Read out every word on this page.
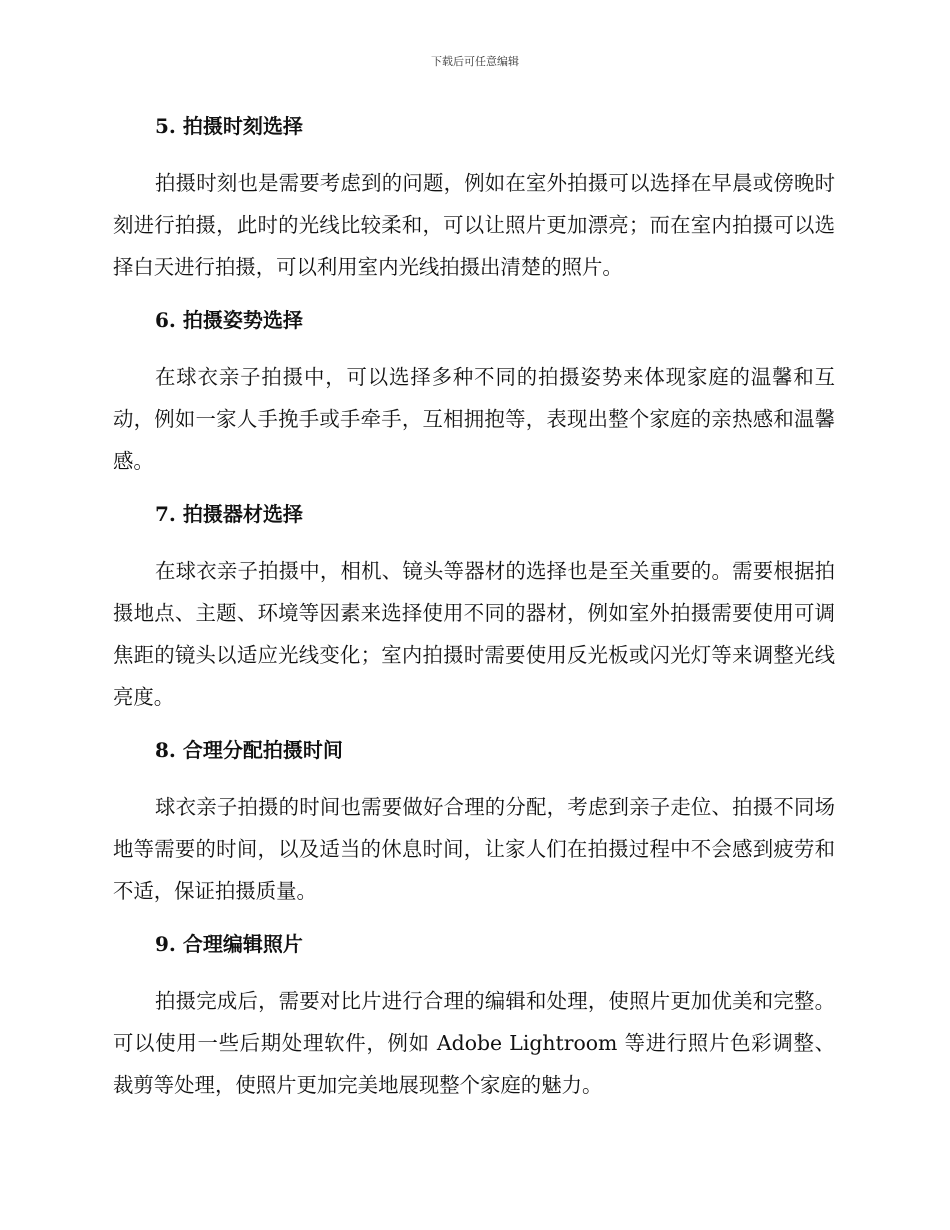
下载后可任意编辑
5. 拍摄时刻选择

拍摄时刻也是需要考虑到的问题，例如在室外拍摄可以选择在早晨或傍晚时刻进行拍摄，此时的光线比较柔和，可以让照片更加漂亮；而在室内拍摄可以选择白天进行拍摄，可以利用室内光线拍摄出清楚的照片。

6. 拍摄姿势选择

在球衣亲子拍摄中，可以选择多种不同的拍摄姿势来体现家庭的温馨和互动，例如一家人手挽手或手牵手，互相拥抱等，表现出整个家庭的亲热感和温馨感。

7. 拍摄器材选择

在球衣亲子拍摄中，相机、镜头等器材的选择也是至关重要的。需要根据拍摄地点、主题、环境等因素来选择使用不同的器材，例如室外拍摄需要使用可调焦距的镜头以适应光线变化；室内拍摄时需要使用反光板或闪光灯等来调整光线亮度。

8. 合理分配拍摄时间

球衣亲子拍摄的时间也需要做好合理的分配，考虑到亲子走位、拍摄不同场地等需要的时间，以及适当的休息时间，让家人们在拍摄过程中不会感到疲劳和不适，保证拍摄质量。

9. 合理编辑照片

拍摄完成后，需要对比片进行合理的编辑和处理，使照片更加优美和完整。可以使用一些后期处理软件，例如 Adobe Lightroom 等进行照片色彩调整、裁剪等处理，使照片更加完美地展现整个家庭的魅力。
